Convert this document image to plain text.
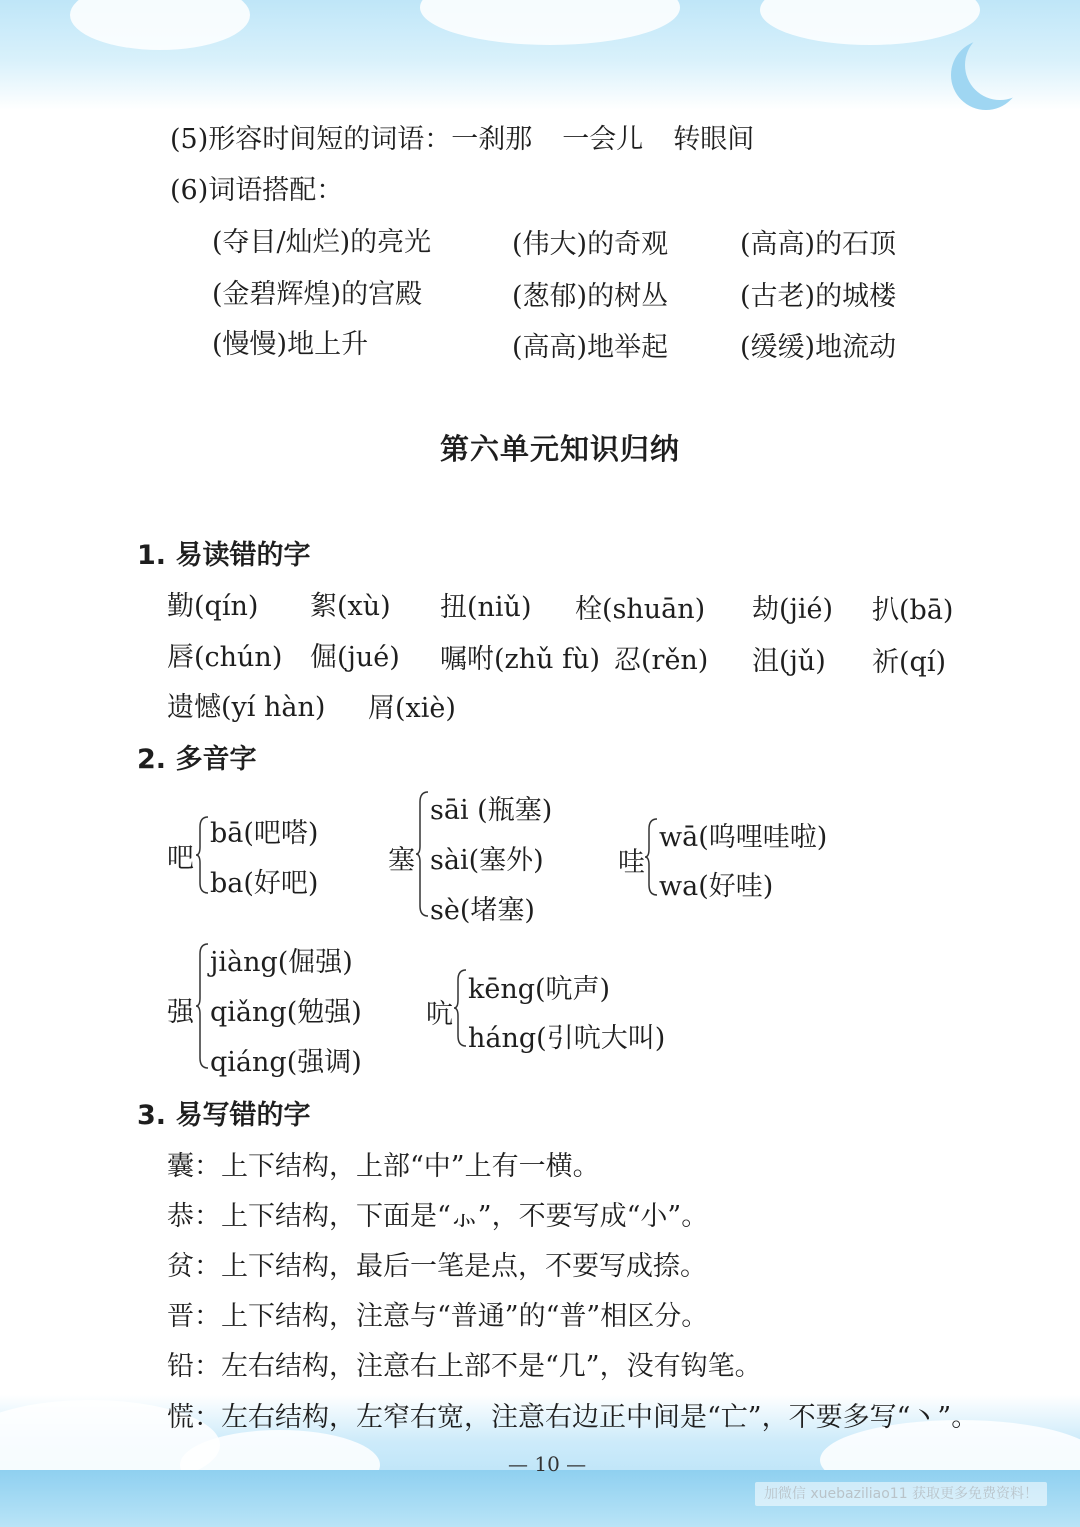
(5)形容时间短的词语：一刹那 一会儿 转眼间
(6)词语搭配：
(夺目/灿烂)的亮光	(伟大)的奇观	(高高)的石顶
(金碧辉煌)的宫殿	(葱郁)的树丛	(古老)的城楼
(慢慢)地上升	(高高)地举起	(缓缓)地流动
第六单元知识归纳
1. 易读错的字
勤(qín) 絮(xù) 扭(niǔ) 栓(shuān) 劫(jié) 扒(bā)
唇(chún) 倔(jué) 嘱咐(zhǔ fù) 忍(rěn) 沮(jǔ) 祈(qí)
遗憾(yí hàn) 屑(xiè)
2. 多音字
吧
bā(吧嗒)
ba(好吧)
塞
sāi (瓶塞)
sài(塞外)
sè(堵塞)
哇
wā(呜哩哇啦)
wa(好哇)
强
jiàng(倔强)
qiǎng(勉强)
qiáng(强调)
吭
kēng(吭声)
háng(引吭大叫)
3. 易写错的字
囊：上下结构，上部“中”上有一横。
恭：上下结构，下面是“⺗”，不要写成“小”。
贫：上下结构，最后一笔是点，不要写成捺。
晋：上下结构，注意与“普通”的“普”相区分。
铅：左右结构，注意右上部不是“几”，没有钩笔。
慌：左右结构，左窄右宽，注意右边正中间是“亡”，不要多写“丶”。
— 10 —
加微信 xuebaziliao11 获取更多免费资料！
